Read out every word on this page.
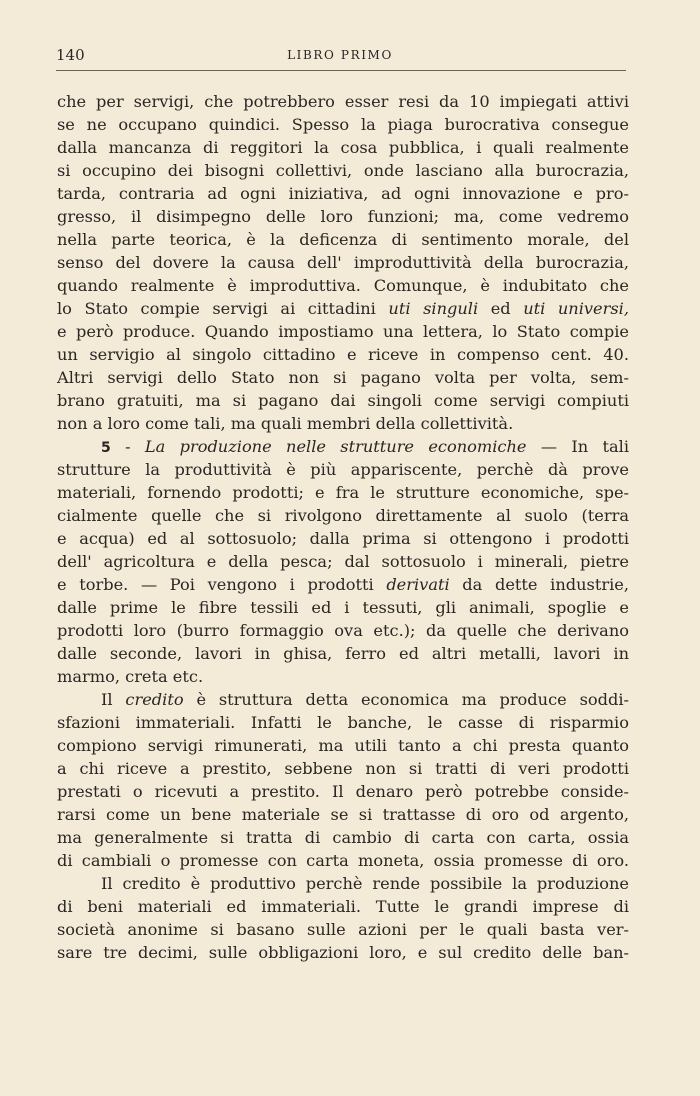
140	LIBRO PRIMO
che per servigi, che potrebbero esser resi da 10 impiegati attivi
se ne occupano quindici. Spesso la piaga burocrativa consegue
dalla mancanza di reggitori la cosa pubblica, i quali realmente
si occupino dei bisogni collettivi, onde lasciano alla burocrazia,
tarda, contraria ad ogni iniziativa, ad ogni innovazione e pro-
gresso, il disimpegno delle loro funzioni; ma, come vedremo
nella parte teorica, è la deficenza di sentimento morale, del
senso del dovere la causa dell' improduttività della burocrazia,
quando realmente è improduttiva. Comunque, è indubitato che
lo Stato compie servigi ai cittadini uti singuli ed uti universi,
e però produce. Quando impostiamo una lettera, lo Stato compie
un servigio al singolo cittadino e riceve in compenso cent. 40.
Altri servigi dello Stato non si pagano volta per volta, sem-
brano gratuiti, ma si pagano dai singoli come servigi compiuti
non a loro come tali, ma quali membri della collettività.
5 - La produzione nelle strutture economiche — In tali
strutture la produttività è più appariscente, perchè dà prove
materiali, fornendo prodotti; e fra le strutture economiche, spe-
cialmente quelle che si rivolgono direttamente al suolo (terra
e acqua) ed al sottosuolo; dalla prima si ottengono i prodotti
dell' agricoltura e della pesca; dal sottosuolo i minerali, pietre
e torbe. — Poi vengono i prodotti derivati da dette industrie,
dalle prime le fibre tessili ed i tessuti, gli animali, spoglie e
prodotti loro (burro formaggio ova etc.); da quelle che derivano
dalle seconde, lavori in ghisa, ferro ed altri metalli, lavori in
marmo, creta etc.
Il credito è struttura detta economica ma produce soddi-
sfazioni immateriali. Infatti le banche, le casse di risparmio
compiono servigi rimunerati, ma utili tanto a chi presta quanto
a chi riceve a prestito, sebbene non si tratti di veri prodotti
prestati o ricevuti a prestito. Il denaro però potrebbe conside-
rarsi come un bene materiale se si trattasse di oro od argento,
ma generalmente si tratta di cambio di carta con carta, ossia
di cambiali o promesse con carta moneta, ossia promesse di oro.
Il credito è produttivo perchè rende possibile la produzione
di beni materiali ed immateriali. Tutte le grandi imprese di
società anonime si basano sulle azioni per le quali basta ver-
sare tre decimi, sulle obbligazioni loro, e sul credito delle ban-
